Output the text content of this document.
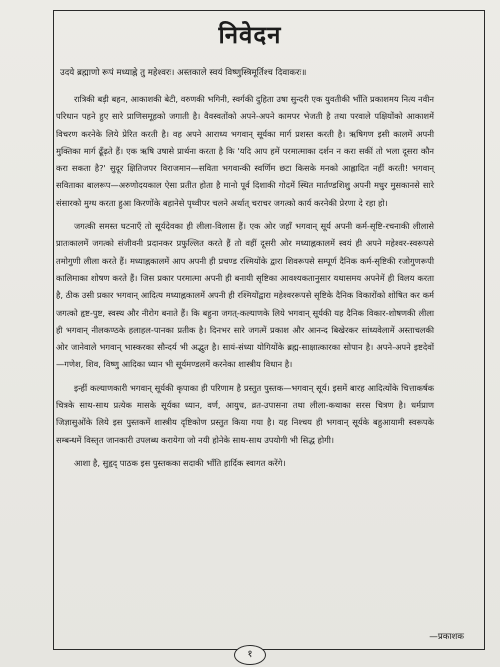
निवेदन
उदये ब्रह्माणो रूपं मध्याह्ने तु महेश्वरः। अस्तकाले स्वयं विष्णुस्त्रिमूर्तिश्च दिवाकरः॥

रात्रिकी बड़ी बहन, आकाशकी बेटी, वरुणकी भगिनी, स्वर्गकी दुहिता उषा सुन्दरी एक युवतीकी भाँति प्रकाशमय नित्य नवीन परिधान पहने हुए सारे प्राणिसमूहको जगाती है। वैवस्वतोंको अपने-अपने कामपर भेजती है तथा परवाले पक्षियोंको आकाशमें विचरण करनेके लिये प्रेरित करती है। वह अपने आराध्य भगवान् सूर्यका मार्ग प्रशस्त करती है। ऋषिगण इसी कालमें अपनी मुक्तिका मार्ग ढूँढ़ते हैं। एक ऋषि उषासे प्रार्थना करता है कि 'यदि आप हमें परमात्माका दर्शन न करा सकीं तो भला दूसरा कौन करा सकता है?' सुदूर क्षितिजपर विराजमान—सविता भगवान्की स्वर्णिम छटा किसके मनको आह्लादित नहीं करती! भगवान् सविताका बालरूप—अरुणोदयकाल ऐसा प्रतीत होता है मानो पूर्व दिशाकी गोदमें स्थित मार्तण्डशिशु अपनी मधुर मुसकानसे सारे संसारको मुग्ध करता हुआ किरणोंके बहानेसे पृथ्वीपर चलने अर्थात् चराचर जगत्को कार्य करनेकी प्रेरणा दे रहा हो।

जगत्की समस्त घटनाएँ तो सूर्यदेवका ही लीला-विलास हैं। एक ओर जहाँ भगवान् सूर्य अपनी कर्म-सृष्टि-रचनाकी लीलासे प्रातःकालमें जगत्को संजीवनी प्रदानकर प्रफुल्लित करते हैं तो वहीं दूसरी ओर मध्याह्नकालमें स्वयं ही अपने महेश्वर-स्वरूपसे तमोगुणी लीला करते हैं। मध्याह्नकालमें आप अपनी ही प्रचण्ड रश्मियोंके द्वारा शिवरूपसे सम्पूर्ण दैनिक कर्म-सृष्टिकी रजोगुणरूपी कालिमाका शोषण करते हैं। जिस प्रकार परमात्मा अपनी ही बनायी सृष्टिका आवश्यकतानुसार यथासमय अपनेमें ही विलय करता है, ठीक उसी प्रकार भगवान् आदित्य मध्याह्नकालमें अपनी ही रश्मियोंद्वारा महेश्वररूपसे सृष्टिके दैनिक विकारोंको शोषित कर कर्म जगत्को हृष्ट-पुष्ट, स्वस्थ और नीरोग बनाते हैं। कि बहुना जगत्-कल्याणके लिये भगवान् सूर्यकी यह दैनिक विकार-शोषणकी लीला ही भगवान् नीलकण्ठके हलाहल-पानका प्रतीक है। दिनभर सारे जगत्में प्रकाश और आनन्द बिखेरकर सांध्यवेलामें अस्ताचलकी ओर जानेवाले भगवान् भास्करका सौन्दर्य भी अद्भुत है। सायं-संध्या योगियोंके ब्रह्म-साक्षात्कारका सोपान है। अपने-अपने इष्टदेवों—गणेश, शिव, विष्णु आदिका ध्यान भी सूर्यमण्डलमें करनेका शास्त्रीय विधान है।

इन्हीं कल्याणकारी भगवान् सूर्यकी कृपाका ही परिणाम है प्रस्तुत पुस्तक—भगवान् सूर्य। इसमें बारह आदित्योंके चित्ताकर्षक चित्रके साथ-साथ प्रत्येक मासके सूर्यका ध्यान, वर्ण, आयुध, व्रत-उपासना तथा लीला-कथाका सरस चित्रण है। धर्मप्राण जिज्ञासुओंके लिये इस पुस्तकमें शास्त्रीय दृष्टिकोण प्रस्तुत किया गया है। यह निश्चय ही भगवान् सूर्यके बहुआयामी स्वरूपके सम्बन्धमें विस्तृत जानकारी उपलब्ध करायेगा जो नयी होनेके साथ-साथ उपयोगी भी सिद्ध होगी।

आशा है, सुहृद् पाठक इस पुस्तकका सदाकी भाँति हार्दिक स्वागत करेंगे।

—प्रकाशक
१
